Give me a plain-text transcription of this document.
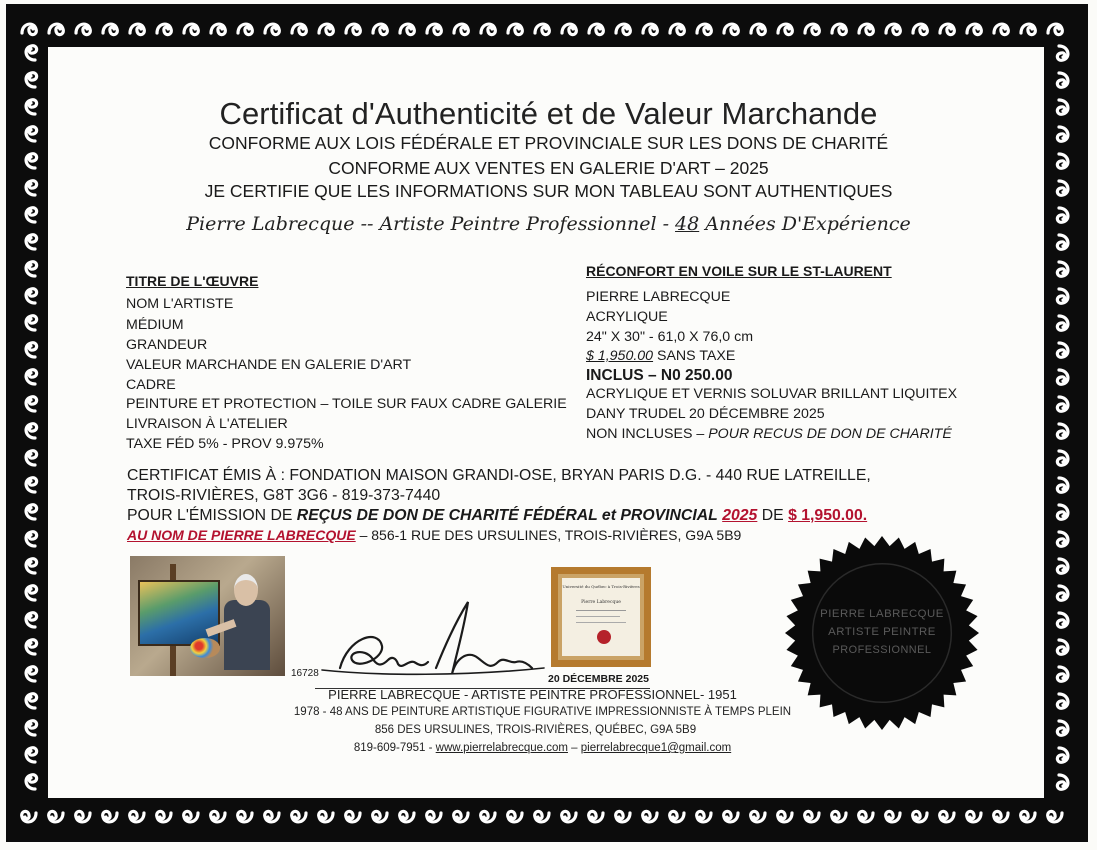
Certificat d'Authenticité et de Valeur Marchande
CONFORME AUX LOIS FÉDÉRALE ET PROVINCIALE SUR LES DONS DE CHARITÉ
CONFORME AUX VENTES EN GALERIE D'ART – 2025
JE CERTIFIE QUE LES INFORMATIONS SUR MON TABLEAU SONT AUTHENTIQUES
Pierre Labrecque -- Artiste Peintre Professionnel - 48 Années D'Expérience
TITRE DE L'ŒUVRE
NOM L'ARTISTE
MÉDIUM
GRANDEUR
VALEUR MARCHANDE EN GALERIE D'ART
CADRE
PEINTURE ET PROTECTION – TOILE SUR FAUX CADRE GALERIE
LIVRAISON À L'ATELIER
TAXE FÉD 5% - PROV 9.975%
RÉCONFORT EN VOILE SUR LE ST-LAURENT
PIERRE LABRECQUE
ACRYLIQUE
24" X 30" - 61,0 X 76,0 cm
$ 1,950.00 SANS TAXE
INCLUS – N0 250.00
ACRYLIQUE ET VERNIS SOLUVAR BRILLANT LIQUITEX
DANY TRUDEL 20 DÉCEMBRE 2025
NON INCLUSES – POUR RECUS DE DON DE CHARITÉ
CERTIFICAT ÉMIS À : FONDATION MAISON GRANDI-OSE, BRYAN PARIS D.G. - 440 RUE LATREILLE,
TROIS-RIVIÈRES, G8T 3G6 - 819-373-7440
POUR L'ÉMISSION DE REÇUS DE DON DE CHARITÉ FÉDÉRAL et PROVINCIAL 2025 DE $ 1,950.00.
AU NOM DE PIERRE LABRECQUE – 856-1 RUE DES URSULINES, TROIS-RIVIÈRES, G9A 5B9
16728	20 DÉCEMBRE 2025
PIERRE LABRECQUE - ARTISTE PEINTRE PROFESSIONNEL- 1951
1978 - 48 ANS DE PEINTURE ARTISTIQUE FIGURATIVE IMPRESSIONNISTE À TEMPS PLEIN
856 DES URSULINES, TROIS-RIVIÈRES, QUÉBEC, G9A 5B9
819-609-7951 - www.pierrelabrecque.com – pierrelabrecque1@gmail.com
Université du Québec à Trois-Rivières
Pierre Labrecque
PIERRE LABRECQUE
ARTISTE PEINTRE
PROFESSIONNEL
